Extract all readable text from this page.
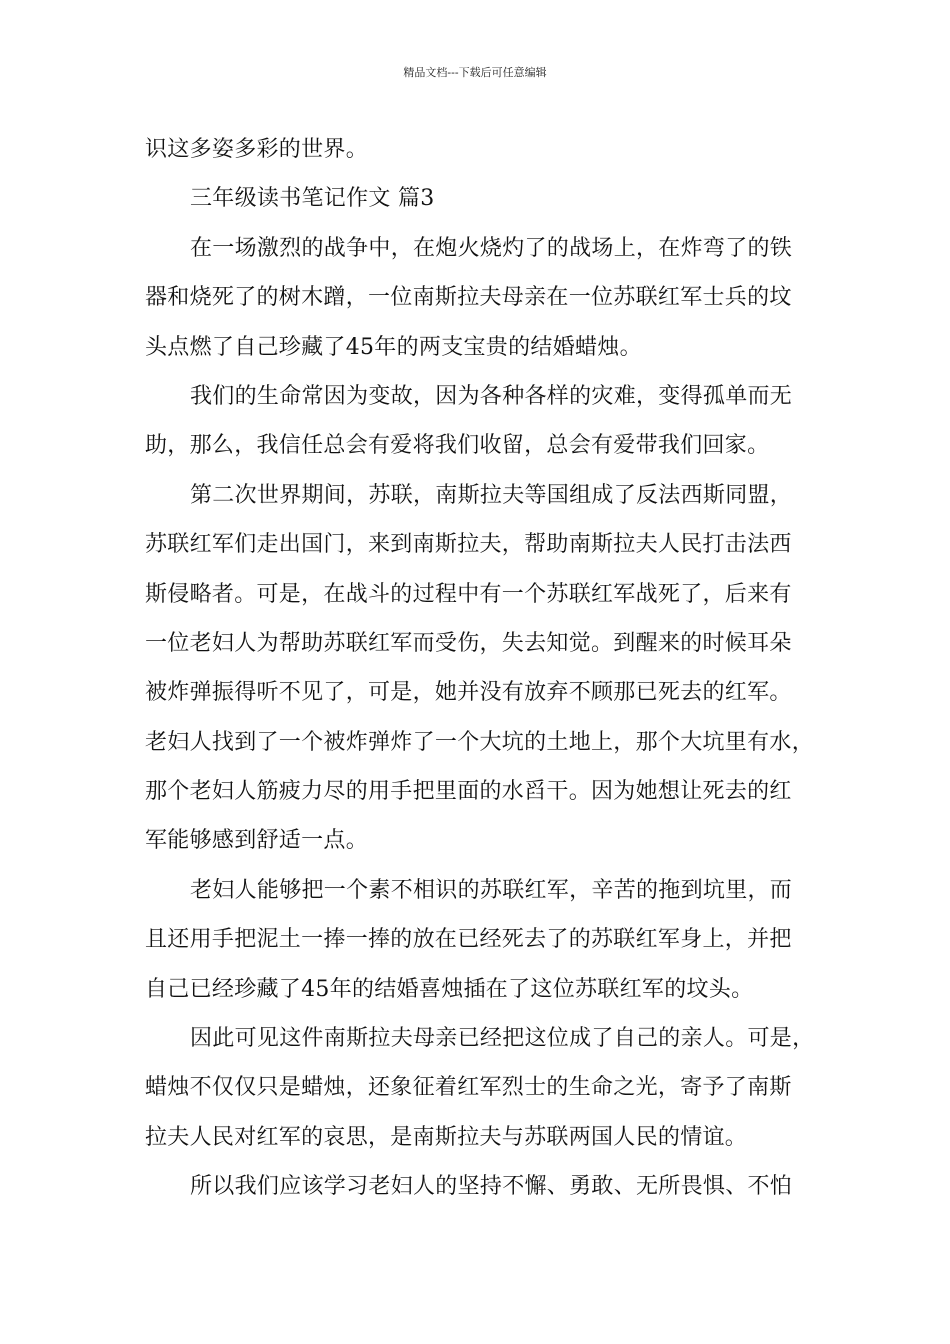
精品文档---下载后可任意编辑
识这多姿多彩的世界。
三年级读书笔记作文 篇3
在一场激烈的战争中，在炮火烧灼了的战场上，在炸弯了的铁
器和烧死了的树木蹭，一位南斯拉夫母亲在一位苏联红军士兵的坟
头点燃了自己珍藏了45年的两支宝贵的结婚蜡烛。
我们的生命常因为变故，因为各种各样的灾难，变得孤单而无
助，那么，我信任总会有爱将我们收留，总会有爱带我们回家。
第二次世界期间，苏联，南斯拉夫等国组成了反法西斯同盟，
苏联红军们走出国门，来到南斯拉夫，帮助南斯拉夫人民打击法西
斯侵略者。可是，在战斗的过程中有一个苏联红军战死了，后来有
一位老妇人为帮助苏联红军而受伤，失去知觉。到醒来的时候耳朵
被炸弹振得听不见了，可是，她并没有放弃不顾那已死去的红军。
老妇人找到了一个被炸弹炸了一个大坑的土地上，那个大坑里有水，
那个老妇人筋疲力尽的用手把里面的水舀干。因为她想让死去的红
军能够感到舒适一点。
老妇人能够把一个素不相识的苏联红军，辛苦的拖到坑里，而
且还用手把泥土一捧一捧的放在已经死去了的苏联红军身上，并把
自己已经珍藏了45年的结婚喜烛插在了这位苏联红军的坟头。
因此可见这件南斯拉夫母亲已经把这位成了自己的亲人。可是，
蜡烛不仅仅只是蜡烛，还象征着红军烈士的生命之光，寄予了南斯
拉夫人民对红军的哀思，是南斯拉夫与苏联两国人民的情谊。
所以我们应该学习老妇人的坚持不懈、勇敢、无所畏惧、不怕
